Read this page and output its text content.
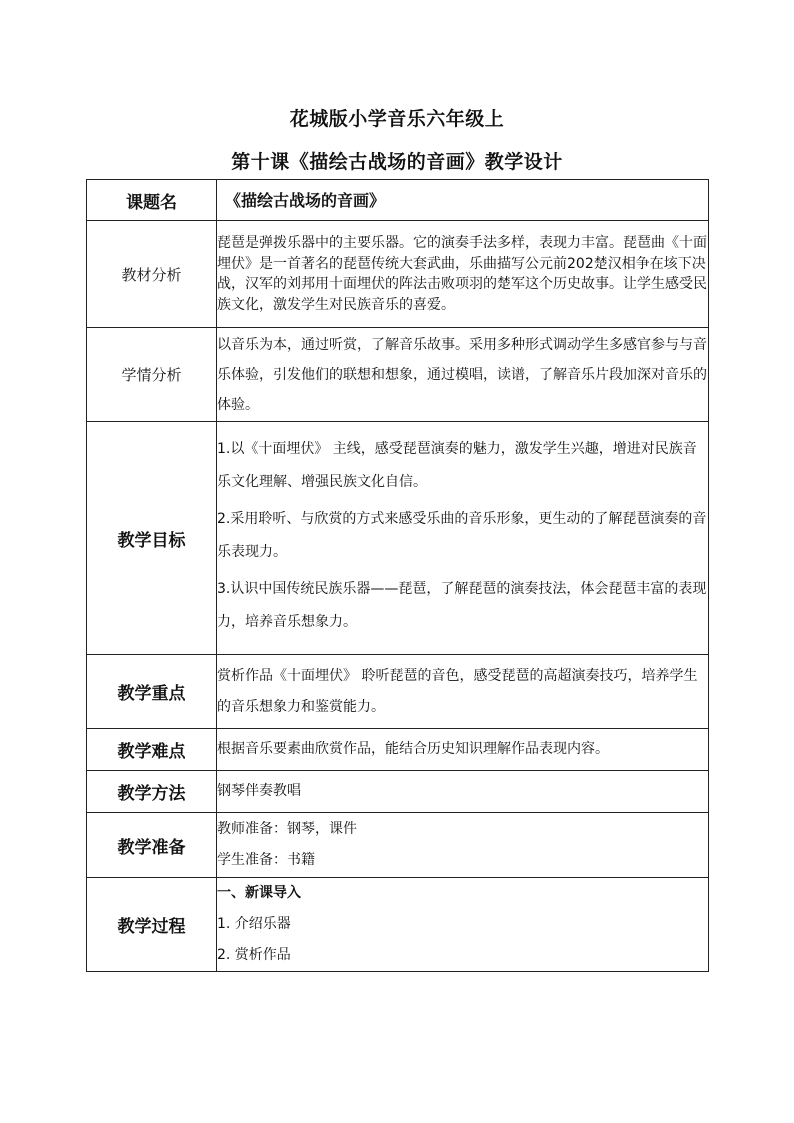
花城版小学音乐六年级上
第十课《描绘古战场的音画》教学设计
课题名	《描绘古战场的音画》
教材分析	琵琶是弹拨乐器中的主要乐器。它的演奏手法多样，表现力丰富。琵琶曲《十面埋伏》是一首著名的琵琶传统大套武曲，乐曲描写公元前202楚汉相争在垓下决战，汉军的刘邦用十面埋伏的阵法击败项羽的楚军这个历史故事。让学生感受民族文化，激发学生对民族音乐的喜爱。
学情分析	以音乐为本，通过听赏，了解音乐故事。采用多种形式调动学生多感官参与与音乐体验，引发他们的联想和想象，通过模唱，读谱，了解音乐片段加深对音乐的体验。
教学目标	1.以《十面埋伏》 主线，感受琵琶演奏的魅力，激发学生兴趣，增进对民族音乐文化理解、增强民族文化自信。
2.采用聆听、与欣赏的方式来感受乐曲的音乐形象，更生动的了解琵琶演奏的音乐表现力。
3.认识中国传统民族乐器——琵琶，了解琵琶的演奏技法，体会琵琶丰富的表现力，培养音乐想象力。

教学重点	赏析作品《十面埋伏》 聆听琵琶的音色，感受琵琶的高超演奏技巧，培养学生的音乐想象力和鉴赏能力。
教学难点	根据音乐要素曲欣赏作品，能结合历史知识理解作品表现内容。
教学方法	钢琴伴奏教唱
教学准备	教师准备：钢琴，课件
学生准备：书籍

教学过程	一、新课导入
1. 介绍乐器
2. 赏析作品
